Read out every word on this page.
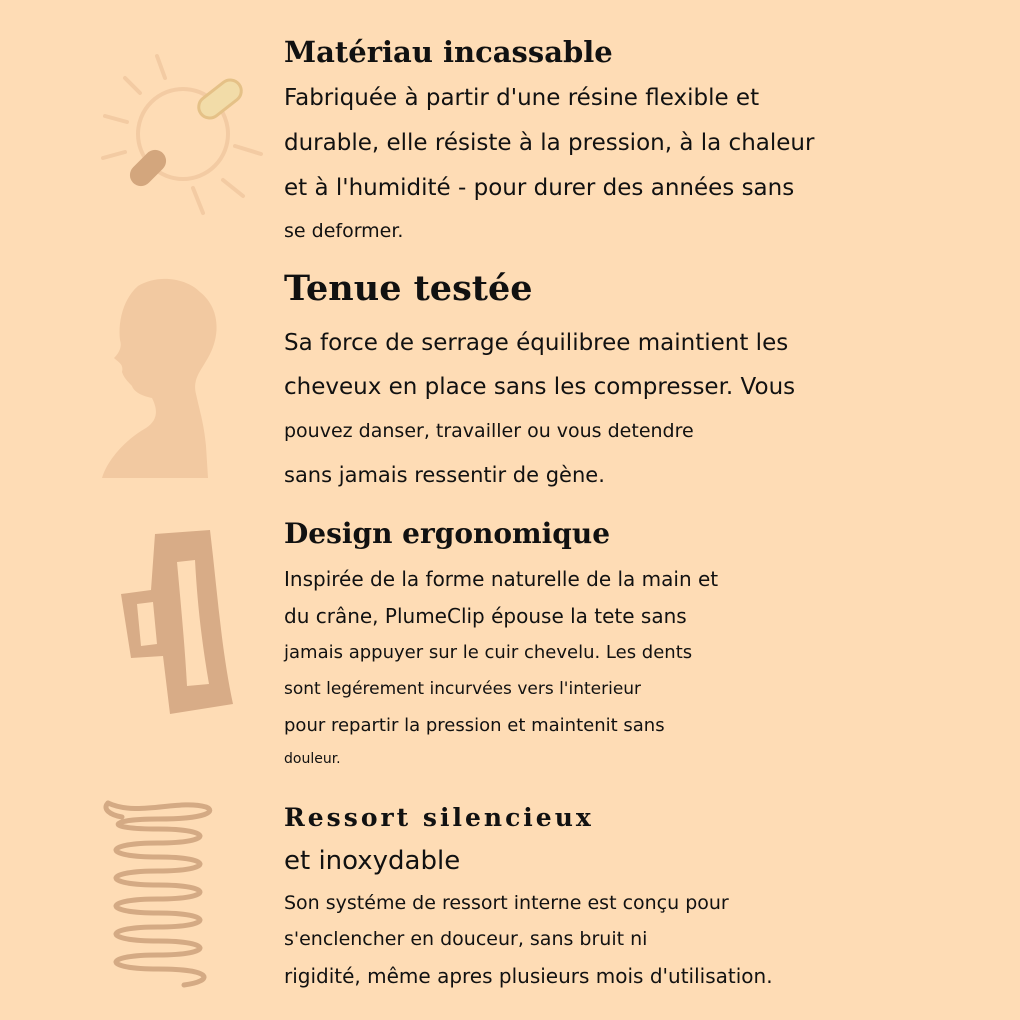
Matériau incassable
Fabriquée à partir d'une résine flexible et
durable, elle résiste à la pression, à la chaleur
et à l'humidité - pour durer des années sans
se deformer.
Tenue testée
Sa force de serrage équilibree maintient les
cheveux en place sans les compresser. Vous
pouvez danser, travailler ou vous detendre
sans jamais ressentir de gène.
Design ergonomique
Inspirée de la forme naturelle de la main et
du crâne, PlumeClip épouse la tete sans
jamais appuyer sur le cuir chevelu. Les dents
sont legérement incurvées vers l'interieur
pour repartir la pression et maintenit sans
douleur.
Ressort silencieux
et inoxydable
Son systéme de ressort interne est conçu pour
s'enclencher en douceur, sans bruit ni
rigidité, même apres plusieurs mois d'utilisation.
